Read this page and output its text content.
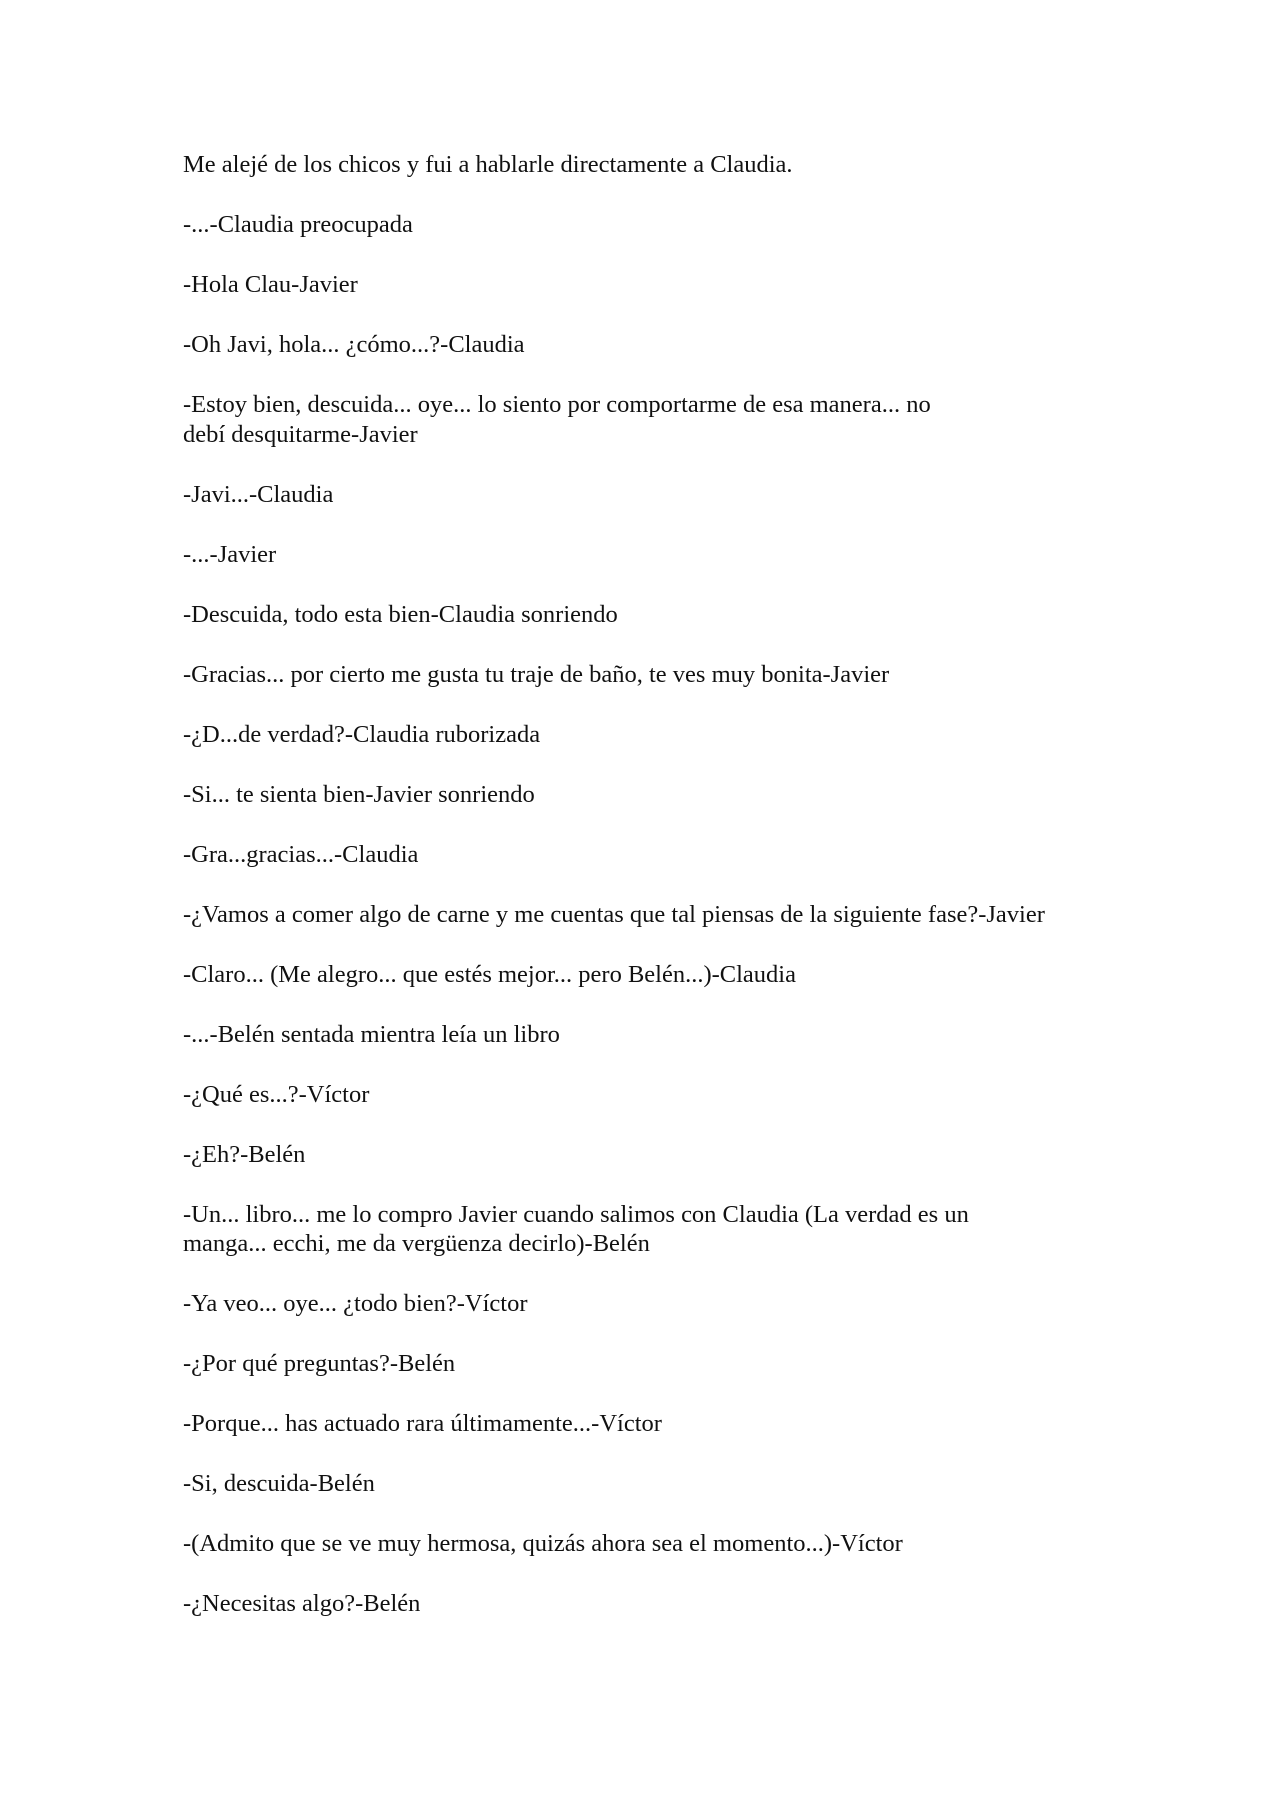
Me alejé de los chicos y fui a hablarle directamente a Claudia.

-...-Claudia preocupada

-Hola Clau-Javier

-Oh Javi, hola... ¿cómo...?-Claudia

-Estoy bien, descuida... oye... lo siento por comportarme de esa manera... no debí desquitarme-Javier

-Javi...-Claudia

-...-Javier

-Descuida, todo esta bien-Claudia sonriendo

-Gracias... por cierto me gusta tu traje de baño, te ves muy bonita-Javier

-¿D...de verdad?-Claudia ruborizada

-Si... te sienta bien-Javier sonriendo

-Gra...gracias...-Claudia

-¿Vamos a comer algo de carne y me cuentas que tal piensas de la siguiente fase?-Javier

-Claro... (Me alegro... que estés mejor... pero Belén...)-Claudia

-...-Belén sentada mientra leía un libro

-¿Qué es...?-Víctor

-¿Eh?-Belén

-Un... libro... me lo compro Javier cuando salimos con Claudia (La verdad es un manga... ecchi, me da vergüenza decirlo)-Belén

-Ya veo... oye... ¿todo bien?-Víctor

-¿Por qué preguntas?-Belén

-Porque... has actuado rara últimamente...-Víctor

-Si, descuida-Belén

-(Admito que se ve muy hermosa, quizás ahora sea el momento...)-Víctor

-¿Necesitas algo?-Belén
